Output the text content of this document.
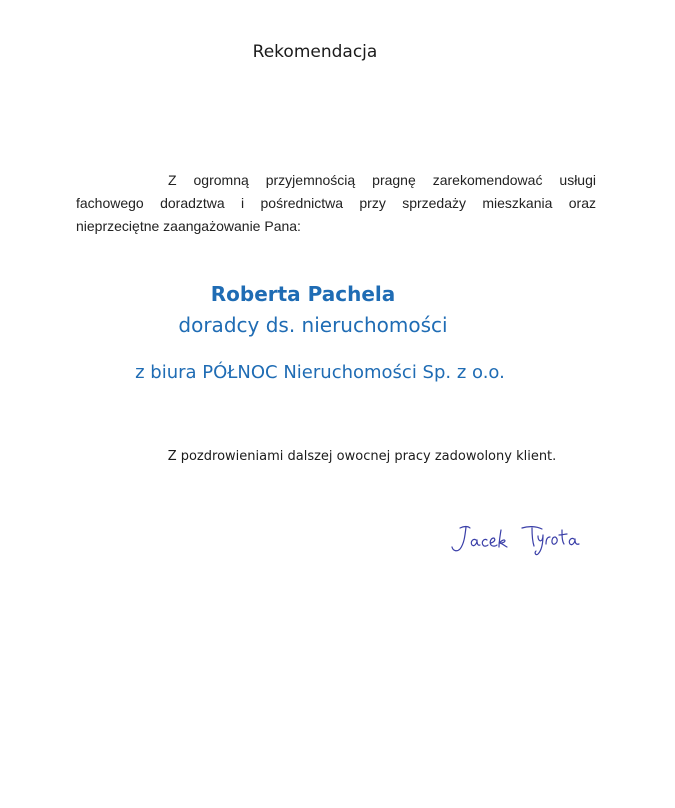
Rekomendacja
Z ogromną przyjemnością pragnę zarekomendować usługi
fachowego doradztwa i pośrednictwa przy sprzedaży mieszkania oraz
nieprzeciętne zaangażowanie Pana:
Roberta Pachela
doradcy ds. nieruchomości
z biura PÓŁNOC Nieruchomości Sp. z o.o.
Z pozdrowieniami dalszej owocnej pracy zadowolony klient.
